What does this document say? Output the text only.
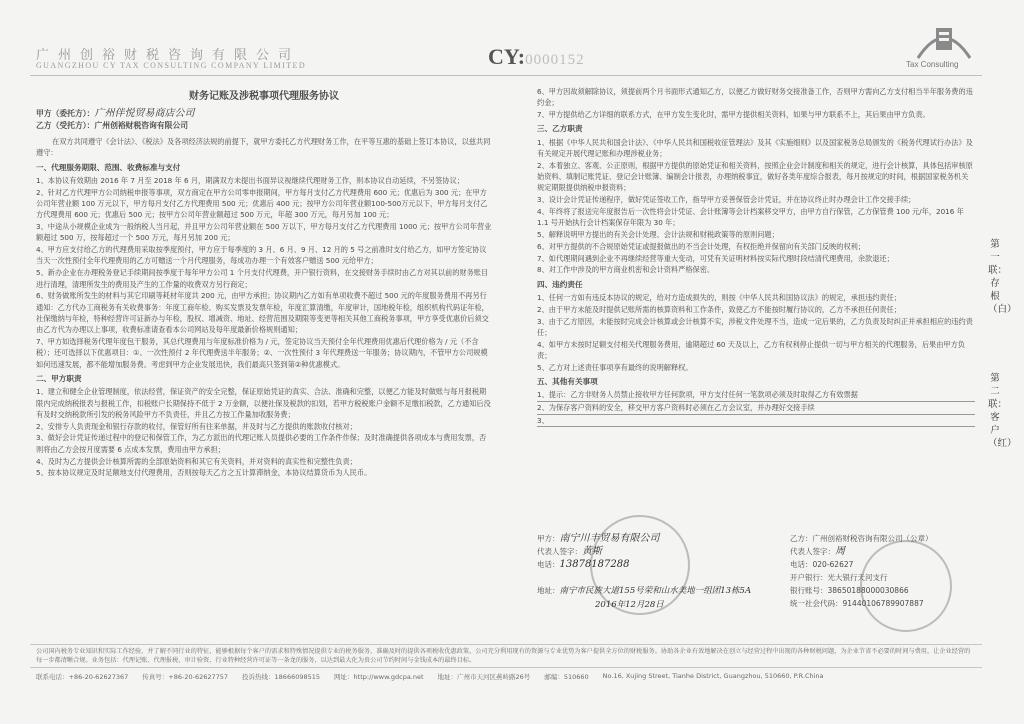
广州创裕财税咨询有限公司
GUANGZHOU CY TAX CONSULTING COMPANY LIMITED	CY:0000152	Tax Consulting
财务记账及涉税事项代理服务协议
甲方（委托方）：广州伴悦贸易商店公司
乙方（受托方）：广州创裕财税咨询有限公司
在双方共同遵守《会计法》、《税法》及各项经济法规的前提下，就甲方委托乙方代理财务工作，在平等互惠的基础上签订本协议，以兹共同遵守：
一、代理服务期限、范围、收费标准与支付
1、本协议有效期由 2016 年 7 月至 2018 年 6 月，期满双方未提出书面异议视继续代理财务工作，则本协议自动延续，不另签协议；
2、针对乙方代理甲方公司纳税申报等事项，双方商定在甲方公司零申报期间，甲方每月支付乙方代理费用 600 元；优惠后为 300 元；在甲方公司年营业额 100 万元以下，甲方每月支付乙方代理费用 500 元；优惠后 400 元；按甲方公司年营业额100-500万元以下，甲方每月支付乙方代理费用 600 元；优惠后 500 元；按甲方公司年营业额超过 500 万元，年超 300 万元，每月另加 100 元；
3、中途从小规模企业成为一般纳税人当月起，并且甲方公司年营业额在 500 万以下，甲方每月支付乙方代理费用 1000 元；按甲方公司年营业额超过 500 万，按每超过一个 500 万元，每月另加 200 元；
4、甲方应支付给乙方的代理费用采取按季度预付，甲方应于每季度的 3 月、6 月、9 月、12 月的 5 号之前准时支付给乙方，如甲方签定协议当天一次性预付全年代理费用的乙方可赠送一个月代理服务，每成功办理一个有效客户赠送 500 元给甲方；
5、新办企业在办理税务登记手续期间按季度于每年甲方公司 1 个月支付代理费，开户银行资料，在交接财务手续时由乙方对其以前的财务账目进行清理，清理所发生的费用及产生的工作量的收费双方另行商定；
6、财务做账所发生的材料与其它印刷等耗材年度共 200 元，由甲方承担；协议期内乙方如有单项收费不超过 500 元的年度服务费用不再另行通知：乙方代办工商税务有关收费事务：年度工商年检、购买发票及发票年检，年度汇算清缴，年度审计，国地税年检，组织机构代码证年检，社保缴纳与年检，特种经营许可证新办与年检，股权、增减资、地址、经营范围及期限等变更等相关其他工商税务事项，甲方享受优惠价后须交由乙方代为办理以上事项，收费标准请查看本公司网站及每年度最新价格规则通知；
7、甲方如选择税务代理年度包干服务，其总代理费用与年度标准价格为 / 元，签定协议当天预付全年代理费用优惠后代理价格为 / 元（不含税）；还可选择以下优惠项目：①、一次性预付 2 年代理费送半年服务；②、一次性预付 3 年代理费送一年服务；协议期内，不管甲方公司规模如何迅速发展，都不能增加服务费。考虑到甲方企业发展迅快，我们最高只签到第②种优惠模式。
二、甲方职责
1、建立和健全企业管理制度，依法经营，保证资产的安全完整，保证原始凭证的真实、合法、准确和完整，以便乙方能及时做账与每月报税期限内完成纳税报表与报税工作，扣税账户长期保持不低于 2 万金额，以便社保及税款的扣划，若甲方税税账户金额不足缴扣税款，乙方通知后没有及时交纳税款所引发的税务风险甲方不负责任，并且乙方按工作量加收服务费；
2、安排专人负责现金和银行存款的收付，保管好所有往来单据，并及时与乙方提供的账款收付核对；
3、做好会计凭证传递过程中的登记和保管工作，为乙方派出的代理记账人员提供必要的工作条件作保；及时准确提供各项成本与费用发票，否则将由乙方会按月度需要 6 点成本发票，费用由甲方承担；
4、及时为乙方提供会计核算所需的全部原始资料和其它有关资料，并对资料的真实性和完整性负责；
5、按本协议规定及时足额地支付代理费用，否则按每天乙方之五计算滞纳金，本协议结算货币为人民币。
6、甲方因故须解除协议，须提前两个月书面形式通知乙方，以便乙方做好财务交接准备工作，否则甲方需向乙方支付相当半年服务费的违约金；
7、甲方提供给乙方详细的联系方式，在甲方发生变化时，需甲方提供相关资料，如果与甲方联系不上，其后果由甲方负责。
三、乙方职责
1、根据《中华人民共和国会计法》、《中华人民共和国税收征管理法》及其《实施细则》以及国家税务总局颁发的《税务代理试行办法》及有关规定开展代理记账和办理涉税业务；
2、本着独立、客观、公正原则，根据甲方提供的原始凭证和相关资料，按照企业会计制度和相关的规定，进行会计核算，具体包括审核原始资料、填制记账凭证、登记会计账簿、编制会计报表，办理纳税事宜，做好各类年度综合报表，每月按规定的时间，根据国家税务机关规定期限提供纳税申报资料；
3、设计会计凭证传递程序，做好凭证签收工作，指导甲方妥善保管会计凭证，并在协议终止时办理会计工作交接手续；
4、年终将了报送完年度报告后一次性将会计凭证、会计账簿等会计档案移交甲方，由甲方自行保管，乙方保管费 100 元/年，2016 年 1.1 号开始执行会计档案保存年限为 30 年；
5、解释说明甲方提出的有关会计处理、会计法规和财税政策等的原则问题；
6、对甲方提供的不合规原始凭证或提报做出的不当会计处理，有权拒绝并保留向有关部门反映的权利；
7、如代理期间遇到企业不再继续经营等重大变动，可凭有关证明材料按实际代理时段结清代理费用，余款退还；
8、对工作中涉及的甲方商业机密和会计资料严格保密。
四、违约责任
1、任何一方如有违反本协议的规定，给对方造成损失的，则按《中华人民共和国协议法》的规定，承担违约责任；
2、由于甲方未能及时提供记账所需的核算资料和工作条件，致使乙方不能按时履行协议的，乙方不承担任何责任；
3、由于乙方原因，未能按时完成会计核算或会计核算不实，涉税文件处理不当，造成一定后果的，乙方负责及时纠正并承担相应的违约责任；
4、如甲方未按时足额支付相关代理服务费用，逾期超过 60 天及以上，乙方有权利停止提供一切与甲方相关的代理服务，后果由甲方负责；
5、乙方对上述责任事项享有最终的说明解释权。
五、其他有关事项
1、提示：乙方非财务人员禁止接收甲方任何款项，甲方支付任何一笔款项必须及时取得乙方有效票据
2、为保存客户资料的安全，移交甲方客户资料时必须在乙方会议室，并办理好交接手续
3、
第一联：存根（白）
第二联：客户（红）
甲方：南宁川丰贸易有限公司
代表人签字：黄斯
电话：13878187288
地址：南宁市民族大道155号荣和山水美地一组团13栋5A
2016年12月28日
乙方：广州创裕财税咨询有限公司（公章）
代表人签字：周
电话：020-62627
开户银行：光大银行天河支行
银行账号：38650188000030866
统一社会代码：91440106789907887
公司国内税务专业知识和实际工作经验，并了解不同行业的特征，能够根据每个客户的需求和特殊情况提供专业的税务服务，准确及时的提供各项税收优惠政策，公司充分利用现有的资源与专业优势为客户提供全方位的财税服务。协助各企业有效地解决在创立与经营过程中出现的各种财税问题，为企业节省不必要的时间与费用，让企业经营的每一步都清晰合规。业务包括：代理记账、代理报税、审计验资、行业特种经营许可证等一条龙的服务，以达到最大化为贵公司节约时间与金钱成本的最终目标。
联系电话：+86-20-62627367 传真号：+86-20-62627757 投诉热线：18666098515 网址：http://www.gdcpa.net 地址：广州市天河区燕岭路26号 邮编：510660 No.16, Xujing Street, Tianhe District, Guangzhou, 510660, P.R.China
